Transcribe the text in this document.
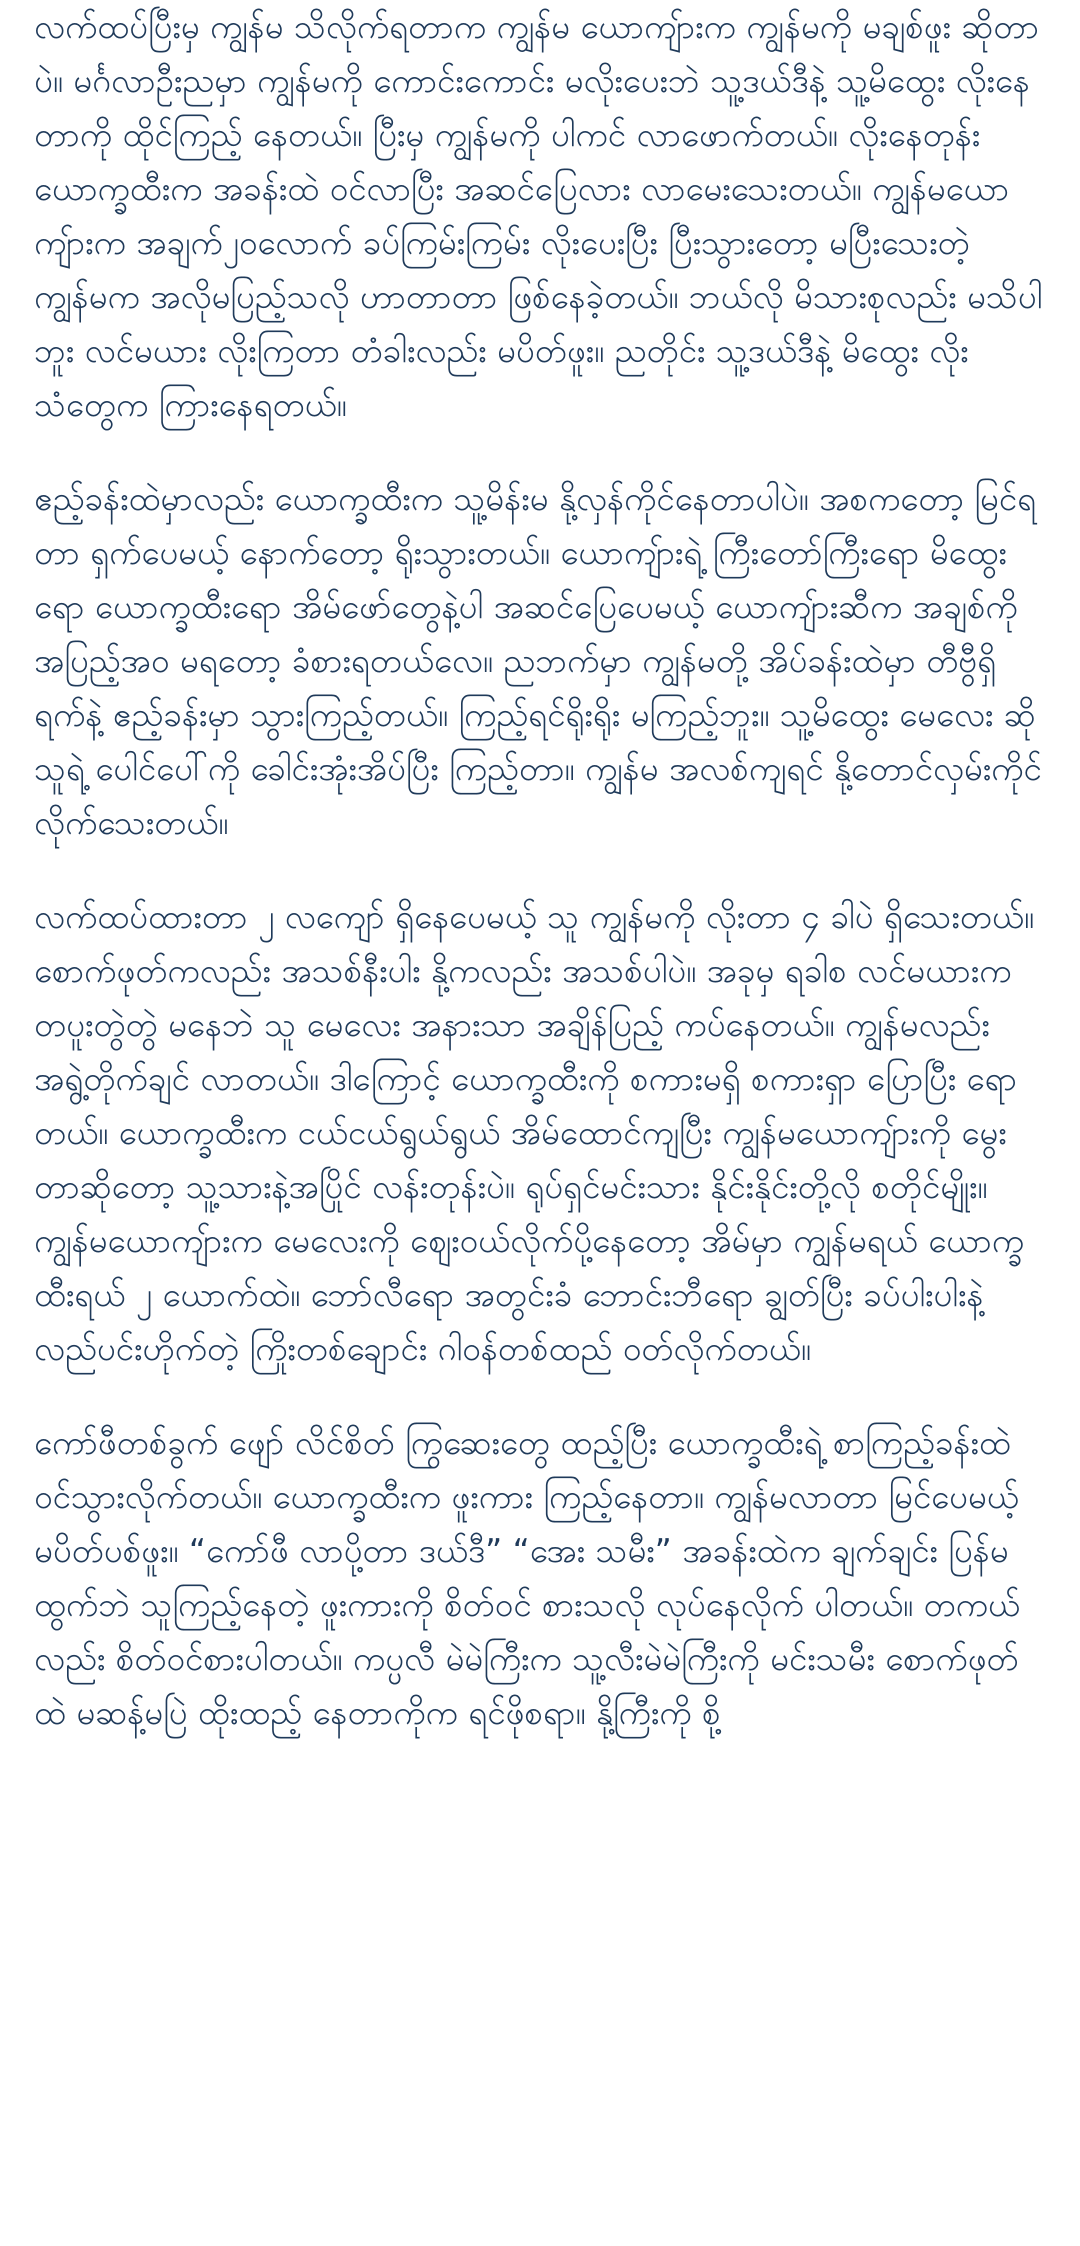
လက်ထပ်ပြီးမှ ကျွန်မ သိလိုက်ရတာက ကျွန်မ ယောကျ်ားက ကျွန်မကို မချစ်ဖူး ဆိုတာပဲ။ မင်္ဂလာဦးညမှာ ကျွန်မကို ကောင်းကောင်း မလိုးပေးဘဲ သူ့ဒယ်ဒီနဲ့ သူ့မိထွေး လိုးနေတာကို ထိုင်ကြည့် နေတယ်။ ပြီးမှ ကျွန်မကို ပါကင် လာဖောက်တယ်။ လိုးနေတုန်း ယောက္ခထီးက အခန်းထဲ ဝင်လာပြီး အဆင်ပြေလား လာမေးသေးတယ်။ ကျွန်မယောကျ်ားက အချက်၂၀လောက် ခပ်ကြမ်းကြမ်း လိုးပေးပြီး ပြီးသွားတော့ မပြီးသေးတဲ့ ကျွန်မက အလိုမပြည့်သလို ဟာတာတာ ဖြစ်နေခဲ့တယ်။ ဘယ်လို မိသားစုလည်း မသိပါဘူး လင်မယား လိုးကြတာ တံခါးလည်း မပိတ်ဖူး။ ညတိုင်း သူ့ဒယ်ဒီနဲ့ မိထွေး လိုးသံတွေက ကြားနေရတယ်။

ဧည့်ခန်းထဲမှာလည်း ယောက္ခထီးက သူ့မိန်းမ နို့လှန်ကိုင်နေတာပါပဲ။ အစကတော့ မြင်ရတာ ရှက်ပေမယ့် နောက်တော့ ရိုးသွားတယ်။ ယောကျ်ားရဲ့ ကြီးတော်ကြီးရော မိထွေးရော ယောက္ခထီးရော အိမ်ဖော်တွေနဲ့ပါ အဆင်ပြေပေမယ့် ယောကျ်ားဆီက အချစ်ကို အပြည့်အဝ မရတော့ ခံစားရတယ်လေ။ ညဘက်မှာ ကျွန်မတို့ အိပ်ခန်းထဲမှာ တီဗွီရှိရက်နဲ့ ဧည့်ခန်းမှာ သွားကြည့်တယ်။ ကြည့်ရင်ရိုးရိုး မကြည့်ဘူး။ သူ့မိထွေး မေလေး ဆိုသူရဲ့ ပေါင်ပေါ်ကို ခေါင်းအုံးအိပ်ပြီး ကြည့်တာ။ ကျွန်မ အလစ်ကျရင် နို့တောင်လှမ်းကိုင် လိုက်သေးတယ်။

လက်ထပ်ထားတာ ၂ လကျော် ရှိနေပေမယ့် သူ ကျွန်မကို လိုးတာ ၄ ခါပဲ ရှိသေးတယ်။ စောက်ဖုတ်ကလည်း အသစ်နီးပါး နို့ကလည်း အသစ်ပါပဲ။ အခုမှ ရခါစ လင်မယားက တပူးတွဲတွဲ မနေဘဲ သူ မေလေး အနားသာ အချိန်ပြည့် ကပ်နေတယ်။ ကျွန်မလည်း အရွဲ့တိုက်ချင် လာတယ်။ ဒါကြောင့် ယောက္ခထီးကို စကားမရှိ စကားရှာ ပြောပြီး ရောတယ်။ ယောက္ခထီးက ငယ်ငယ်ရွယ်ရွယ် အိမ်ထောင်ကျပြီး ကျွန်မယောကျ်ားကို မွေးတာဆိုတော့ သူ့သားနဲ့အပြိုင် လန်းတုန်းပဲ။ ရုပ်ရှင်မင်းသား နိုင်းနိုင်းတို့လို စတိုင်မျိုး။ ကျွန်မယောကျ်ားက မေလေးကို ဈေးဝယ်လိုက်ပို့နေတော့ အိမ်မှာ ကျွန်မရယ် ယောက္ခထီးရယ် ၂ ယောက်ထဲ။ ဘော်လီရော အတွင်းခံ ဘောင်းဘီရော ချွတ်ပြီး ခပ်ပါးပါးနဲ့ လည်ပင်းဟိုက်တဲ့ ကြိုးတစ်ချောင်း ဂါဝန်တစ်ထည် ဝတ်လိုက်တယ်။

ကော်ဖီတစ်ခွက် ဖျော် လိင်စိတ် ကြွဆေးတွေ ထည့်ပြီး ယောက္ခထီးရဲ့ စာကြည့်ခန်းထဲ ဝင်သွားလိုက်တယ်။ ယောက္ခထီးက ဖူးကား ကြည့်နေတာ။ ကျွန်မလာတာ မြင်ပေမယ့် မပိတ်ပစ်ဖူး။ “ကော်ဖီ လာပို့တာ ဒယ်ဒီ” “အေး သမီး” အခန်းထဲက ချက်ချင်း ပြန်မထွက်ဘဲ သူကြည့်နေတဲ့ ဖူးကားကို စိတ်ဝင် စားသလို လုပ်နေလိုက် ပါတယ်။ တကယ်လည်း စိတ်ဝင်စားပါတယ်။ ကပ္ပလီ မဲမဲကြီးက သူ့လီးမဲမဲကြီးကို မင်းသမီး စောက်ဖုတ်ထဲ မဆန့်မပြဲ ထိုးထည့် နေတာကိုက ရင်ဖိုစရာ။ နို့ကြီးကို စို့
